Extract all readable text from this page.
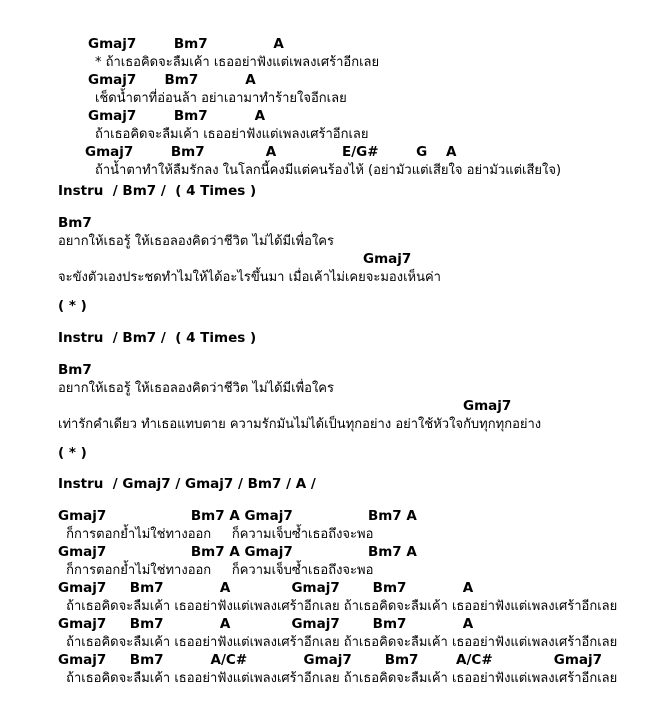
Gmaj7        Bm7              A
* ถ้าเธอคิดจะลืมเค้า เธออย่าฟังแต่เพลงเศร้าอีกเลย
Gmaj7      Bm7          A
เช็ดน้ำตาที่อ่อนล้า อย่าเอามาทำร้ายใจอีกเลย
Gmaj7        Bm7          A
ถ้าเธอคิดจะลืมเค้า เธออย่าฟังแต่เพลงเศร้าอีกเลย
Gmaj7        Bm7             A              E/G#        G    A
ถ้าน้ำตาทำให้ลืมรักลง ในโลกนี้คงมีแต่คนร้องไห้ (อย่ามัวแต่เสียใจ อย่ามัวแต่เสียใจ)
Instru  / Bm7 /  ( 4 Times )
Bm7
อยากให้เธอรู้ ให้เธอลองคิดว่าชีวิต ไม่ได้มีเพื่อใคร
Gmaj7
จะขังตัวเองประชดทำไมให้ได้อะไรขึ้นมา เมื่อเค้าไม่เคยจะมองเห็นค่า
( * )
Instru  / Bm7 /  ( 4 Times )
Bm7
อยากให้เธอรู้ ให้เธอลองคิดว่าชีวิต ไม่ได้มีเพื่อใคร
Gmaj7
เท่ารักคำเดียว ทำเธอแทบตาย ความรักมันไม่ได้เป็นทุกอย่าง อย่าใช้หัวใจกับทุกทุกอย่าง
( * )
Instru  / Gmaj7 / Gmaj7 / Bm7 / A /
Gmaj7                  Bm7 A Gmaj7                Bm7 A
ก็การตอกย้ำไม่ใช่ทางออก     ก็ความเจ็บซ้ำเธอถึงจะพอ
Gmaj7                  Bm7 A Gmaj7                Bm7 A
ก็การตอกย้ำไม่ใช่ทางออก     ก็ความเจ็บซ้ำเธอถึงจะพอ
Gmaj7     Bm7            A             Gmaj7       Bm7            A
ถ้าเธอคิดจะลืมเค้า เธออย่าฟังแต่เพลงเศร้าอีกเลย ถ้าเธอคิดจะลืมเค้า เธออย่าฟังแต่เพลงเศร้าอีกเลย
Gmaj7     Bm7            A             Gmaj7       Bm7            A
ถ้าเธอคิดจะลืมเค้า เธออย่าฟังแต่เพลงเศร้าอีกเลย ถ้าเธอคิดจะลืมเค้า เธออย่าฟังแต่เพลงเศร้าอีกเลย
Gmaj7     Bm7          A/C#            Gmaj7       Bm7        A/C#             Gmaj7
ถ้าเธอคิดจะลืมเค้า เธออย่าฟังแต่เพลงเศร้าอีกเลย ถ้าเธอคิดจะลืมเค้า เธออย่าฟังแต่เพลงเศร้าอีกเลย
